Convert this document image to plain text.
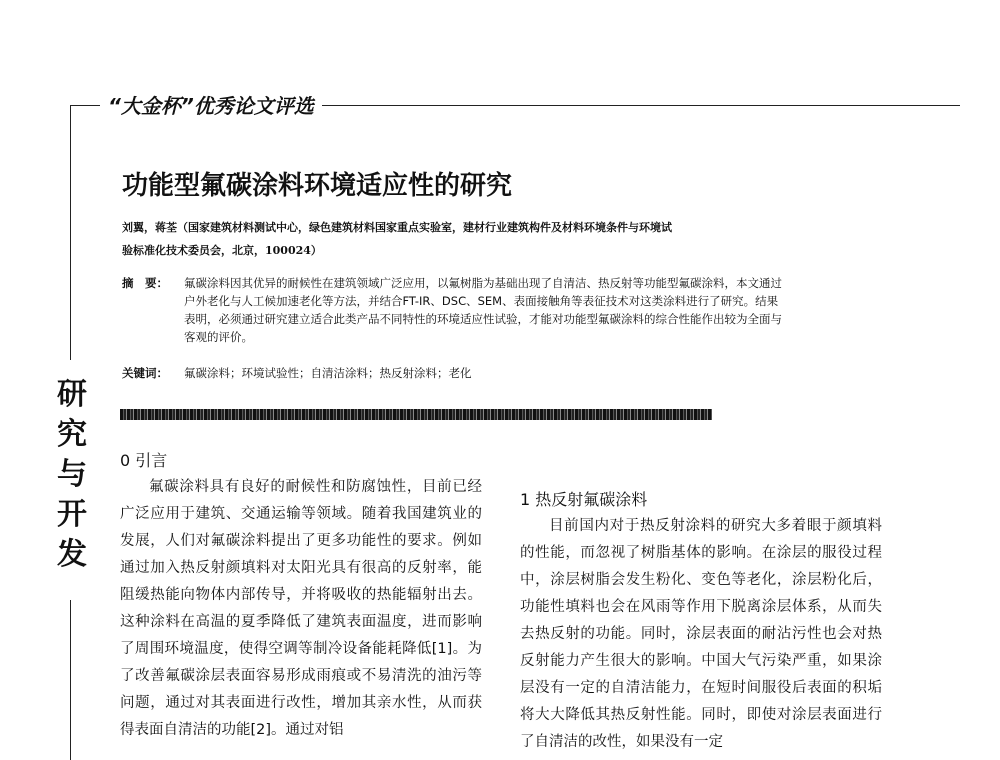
“大金杯”优秀论文评选
研
究
与
开
发
功能型氟碳涂料环境适应性的研究
刘翼，蒋荃（国家建筑材料测试中心，绿色建筑材料国家重点实验室，建材行业建筑构件及材料环境条件与环境试
验标准化技术委员会，北京，100024）
摘　要：	氟碳涂料因其优异的耐候性在建筑领域广泛应用，以氟树脂为基础出现了自清洁、热反射等功能型氟碳涂料，本文通过户外老化与人工候加速老化等方法，并结合FT-IR、DSC、SEM、表面接触角等表征技术对这类涂料进行了研究。结果表明，必须通过研究建立适合此类产品不同特性的环境适应性试验，才能对功能型氟碳涂料的综合性能作出较为全面与客观的评价。
关键词：	氟碳涂料；环境试验性；自清洁涂料；热反射涂料；老化
0 引言

氟碳涂料具有良好的耐候性和防腐蚀性，目前已经广泛应用于建筑、交通运输等领域。随着我国建筑业的发展，人们对氟碳涂料提出了更多功能性的要求。例如通过加入热反射颜填料对太阳光具有很高的反射率，能阻缓热能向物体内部传导，并将吸收的热能辐射出去。这种涂料在高温的夏季降低了建筑表面温度，进而影响了周围环境温度，使得空调等制冷设备能耗降低[1]。为了改善氟碳涂层表面容易形成雨痕或不易清洗的油污等问题，通过对其表面进行改性，增加其亲水性，从而获得表面自清洁的功能[2]。通过对铝

1 热反射氟碳涂料

目前国内对于热反射涂料的研究大多着眼于颜填料的性能，而忽视了树脂基体的影响。在涂层的服役过程中，涂层树脂会发生粉化、变色等老化，涂层粉化后，功能性填料也会在风雨等作用下脱离涂层体系，从而失去热反射的功能。同时，涂层表面的耐沾污性也会对热反射能力产生很大的影响。中国大气污染严重，如果涂层没有一定的自清洁能力，在短时间服役后表面的积垢将大大降低其热反射性能。同时，即使对涂层表面进行了自清洁的改性，如果没有一定
